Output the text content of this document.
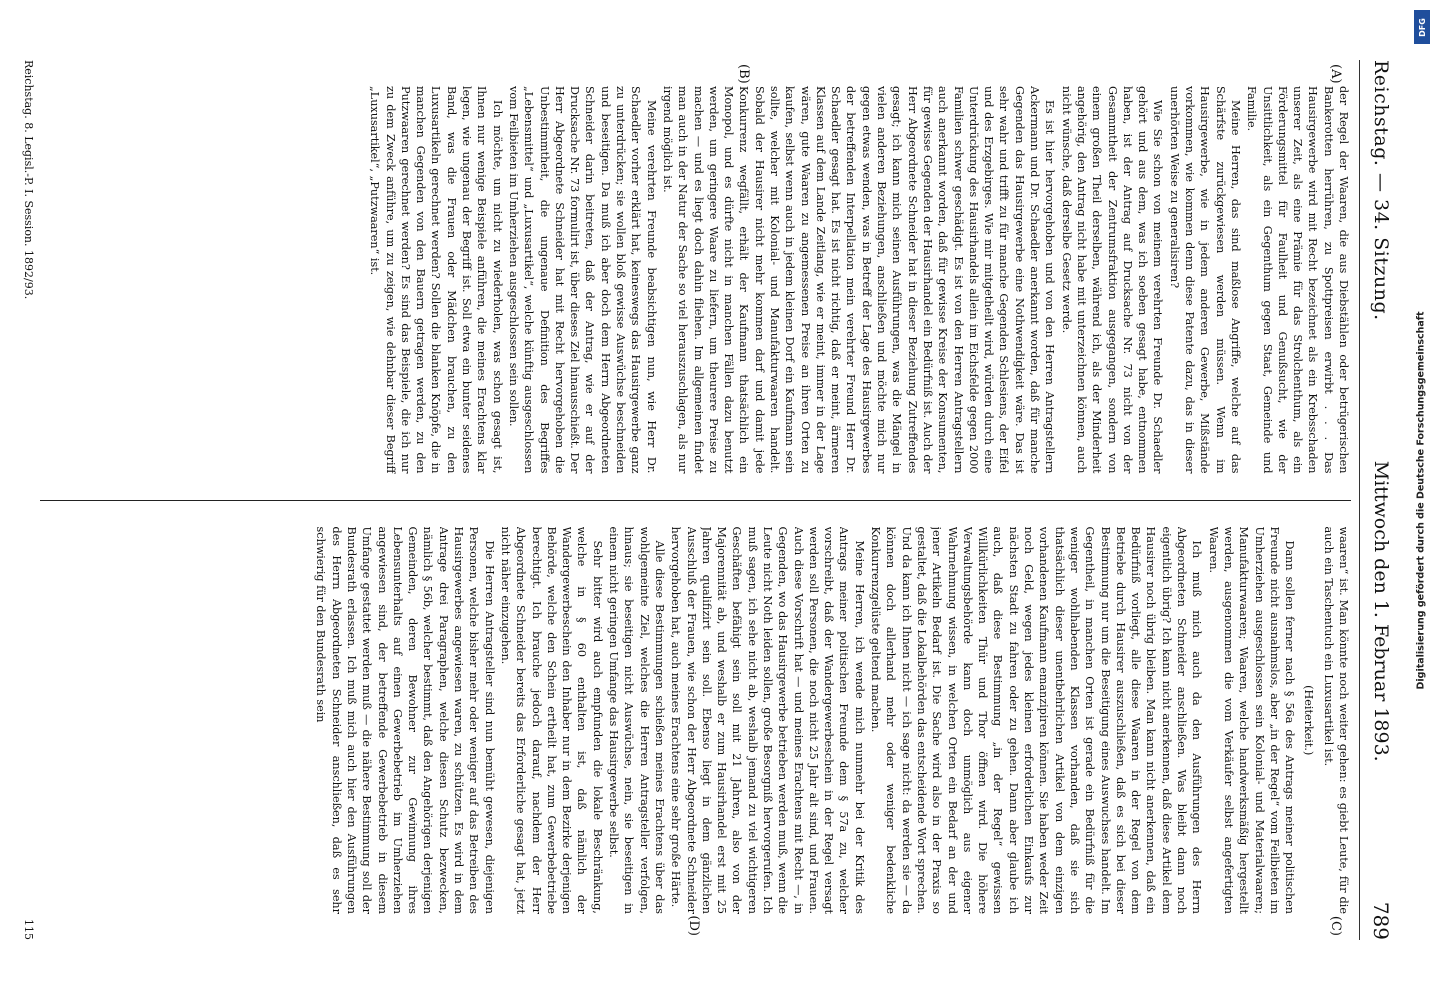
Reichstag. — 34. Sitzung.
Mittwoch den 1. Februar 1893.
789
(A)
(B)

der Regel der Waaren, die aus Diebstählen oder betrügerischen Bankerotten herrühren, zu Spottpreisen erwirbt . . . Das Hausirgewerbe wird mit Recht bezeichnet als ein Krebsschaden unserer Zeit, als eine Prämie für das Strolchenthum, als ein Förderungsmittel für Faulheit und Genußsucht, wie der Unsittlichkeit, als ein Gegenthum gegen Staat, Gemeinde und Familie.

Meine Herren, das sind maßlose Angriffe, welche auf das Schärfste zurückgewiesen werden müssen. Wenn im Hausirgewerbe, wie in jedem anderen Gewerbe, Mißstände vorkommen, wie kommen denn diese Patente dazu, das in dieser unerhörten Weise zu generalisiren?

Wie Sie schon von meinem verehrten Freunde Dr. Schaedler gehört und aus dem, was ich soeben gesagt habe, entnommen haben, ist der Antrag auf Drucksache Nr. 73 nicht von der Gesammtheit der Zentrumsfraktion ausgegangen, sondern von einem großen Theil derselben, während ich, als der Minderheit angehörig, den Antrag nicht habe mit unterzeichnen können, auch nicht wünsche, daß derselbe Gesetz werde.

Es ist hier hervorgehoben und von den Herren Antragstellern Ackermann und Dr. Schaedler anerkannt worden, daß für manche Gegenden das Hausirgewerbe eine Nothwendigkeit wäre. Das ist sehr wahr und trifft zu für manche Gegenden Schlesiens, der Eifel und des Erzgebirges. Wie mir mitgetheilt wird, würden durch eine Unterdrückung des Hausirhandels allein im Eichsfelde gegen 2000 Familien schwer geschädigt. Es ist von den Herren Antragstellern auch anerkannt worden, daß für gewisse Kreise der Konsumenten, für gewisse Gegenden der Hausirhandel ein Bedürfniß ist. Auch der Herr Abgeordnete Schneider hat in dieser Beziehung Zutreffendes gesagt; ich kann mich seinen Ausführungen, was die Mängel in vielen anderen Beziehungen, anschließen und möchte mich nur gegen etwas wenden, was in Betreff der Lage des Hausirgewerbes der betreffenden Interpellation mein verehrter Freund Herr Dr. Schaedler gesagt hat. Es ist nicht richtig, daß er meint, ärmeren Klassen auf dem Lande Zeitlang, wie er meint, immer in der Lage wären, gute Waaren zu angemessenen Preise an ihren Orten zu kaufen, selbst wenn auch in jedem kleinen Dorf ein Kaufmann sein sollte, welcher mit Kolonial- und Manufakturwaaren handelt. Sobald der Hausirer nicht mehr kommen darf und damit jede Konkurrenz wegfällt, erhält der Kaufmann thatsächlich ein Monopol, und es dürfte nicht in manchen Fällen dazu benutzt werden, um geringere Waare zu liefern, um theurere Preise zu machen — und es liegt doch dahin fliehen. Im allgemeinen findet man auch in der Natur der Sache so viel herauszuschlagen, als nur irgend möglich ist.

Meine verehrten Freunde beabsichtigen nun, wie Herr Dr. Schaedler vorher erklärt hat, keineswegs das Hausirgewerbe ganz zu unterdrücken; sie wollen bloß gewisse Auswüchse beschneiden und beseitigen. Da muß ich aber doch dem Herrn Abgeordneten Schneider darin beitreten, daß der Antrag, wie er auf der Drucksache Nr. 73 formulirt ist, über dieses Ziel hinausschießt. Der Herr Abgeordnete Schneider hat mit Recht hervorgehoben die Unbestimmtheit, die ungenaue Definition des Begriffes „Lebensmittel“ und „Luxusartikel“, welche künftig ausgeschlossen vom Feilbieten im Umherziehen ausgeschlossen sein sollen.

Ich möchte, um nicht zu wiederholen, was schon gesagt ist, Ihnen nur wenige Beispiele anführen, die meines Erachtens klar legen, wie ungenau der Begriff ist. Soll etwa ein bunter seidenes Band, was die Frauen oder Mädchen brauchen, zu den Luxusartikeln gerechnet werden? Sollen die blanken Knöpfe, die in manchen Gegenden von den Bauern getragen werden, zu den Putzwaaren gerechnet werden? Es sind das Beispiele, die ich nur zu dem Zweck anführe, um zu zeigen, wie dehnbar dieser Begriff „Luxusartikel“, „Putzwaaren“ ist.

(C)
(D)

waaren“ ist. Man könnte noch weiter gehen: es giebt Leute, für die auch ein Taschentuch ein Luxusartikel ist.

(Heiterkeit.)

Dann sollen ferner nach § 56a des Antrags meiner politischen Freunde nicht ausnahmslos, aber „in der Regel“ vom Feilbieten im Umherziehen ausgeschlossen sein Kolonial- und Materialwaaren; Manufakturwaaren; Waaren, welche handwerksmäßig hergestellt werden, ausgenommen die vom Verkäufer selbst angefertigten Waaren.

Ich muß mich auch da den Ausführungen des Herrn Abgeordneten Schneider anschließen. Was bleibt dann noch eigentlich übrig? Ich kann nicht anerkennen, daß diese Artikel dem Hausirer noch übrig bleiben. Man kann nicht anerkennen, daß ein Bedürfniß vorliegt, alle diese Waaren in der Regel von dem Betriebe durch Hausirer auszuschließen, daß es sich bei dieser Bestimmung nur um die Beseitigung eines Auswuchses handelt. Im Gegentheil, in manchen Orten ist gerade ein Bedürfniß für die weniger wohlhabenden Klassen vorhanden, daß sie sich thatsächlich dieser unentbehrlichen Artikel von dem einzigen vorhandenen Kaufmann emanzipiren können. Sie haben weder Zeit noch Geld, wegen jedes kleinen erforderlichen Einkaufs zur nächsten Stadt zu fahren oder zu gehen. Dann aber glaube ich auch, daß diese Bestimmung „in der Regel“ gewissen Willkürlichkeiten Thür und Thor öffnen wird. Die höhere Verwaltungsbehörde kann doch unmöglich aus eigener Wahrnehmung wissen, in welchen Orten ein Bedarf an der und jener Artikeln Bedarf ist. Die Sache wird also in der Praxis so gestaltet, daß die Lokalbehörden das entscheidende Wort sprechen. Und da kann ich Ihnen nicht — ich sage nicht: da werden sie — da können doch allerhand mehr oder weniger bedenkliche Konkurrenzgelüste geltend machen.

Meine Herren, ich wende mich nunmehr bei der Kritik des Antrags meiner politischen Freunde dem § 57a zu, welcher vorschreibt, daß der Wandergewerbeschein in der Regel versagt werden soll Personen, die noch nicht 25 Jahr alt sind, und Frauen. Auch diese Vorschrift hat — und meines Erachtens mit Recht —, in Gegenden, wo das Hausirgewerbe betrieben werden muß, wenn die Leute nicht Noth leiden sollen, große Besorgniß hervorgerufen. Ich muß sagen, ich sehe nicht ab, weshalb jemand zu viel wichtigeren Geschäften befähigt sein soll mit 21 Jahren, also von der Majorennität ab, und weshalb er zum Hausirhandel erst mit 25 Jahren qualifizirt sein soll. Ebenso liegt in dem gänzlichen Ausschluß der Frauen, wie schon der Herr Abgeordnete Schneider hervorgehoben hat, auch meines Erachtens eine sehr große Härte.

Alle diese Bestimmungen schießen meines Erachtens über das wohlgemeinte Ziel, welches die Herren Antragsteller verfolgen, hinaus; sie beseitigen nicht Auswüchse, nein, sie beseitigen in einem nicht geringen Umfange das Hausirgewerbe selbst.

Sehr bitter wird auch empfunden die lokale Beschränkung, welche in § 60 enthalten ist, daß nämlich der Wandergewerbeschein den Inhaber nur in dem Bezirke derjenigen Behörde, welche den Schein ertheilt hat, zum Gewerbebetriebe berechtigt. Ich brauche jedoch darauf, nachdem der Herr Abgeordnete Schneider bereits das Erforderliche gesagt hat, jetzt nicht näher einzugehen.

Die Herren Antragsteller sind nun bemüht gewesen, diejenigen Personen, welche bisher mehr oder weniger auf das Betreiben des Hausirgewerbes angewiesen waren, zu schützen. Es wird in dem Antrage drei Paragraphen, welche diesen Schutz bezwecken, nämlich § 56b, welcher bestimmt, daß den Angehörigen derjenigen Gemeinden, deren Bewohner zur Gewinnung ihres Lebensunterhalts auf einen Gewerbebetrieb im Umherziehen angewiesen sind, der betreffende Gewerbebetrieb in diesem Umfange gestattet werden muß — die nähere Bestimmung soll der Bundesrath erlassen. Ich muß mich auch hier den Ausführungen des Herrn Abgeordneten Schneider anschließen, daß es sehr schwierig für den Bundesrath sein

Reichstag. 8. Legisl.-P. I. Session. 1892/93.
115
DFG
Digitalisierung gefördert durch die Deutsche Forschungsgemeinschaft
